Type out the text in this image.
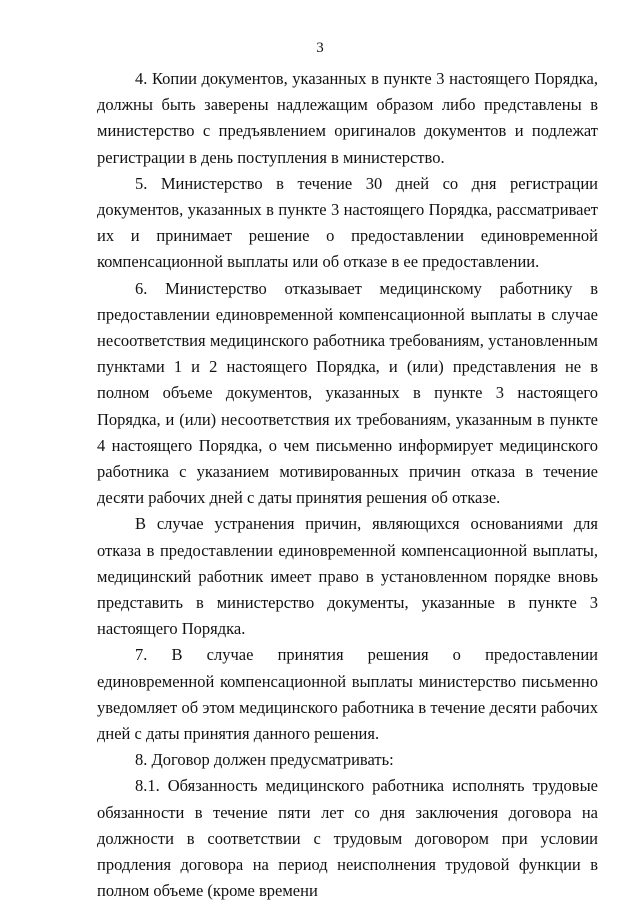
3

4. Копии документов, указанных в пункте 3 настоящего Порядка, должны быть заверены надлежащим образом либо представлены в министерство с предъявлением оригиналов документов и подлежат регистрации в день поступления в министерство.

5. Министерство в течение 30 дней со дня регистрации документов, указанных в пункте 3 настоящего Порядка, рассматривает их и принимает решение о предоставлении единовременной компенсационной выплаты или об отказе в ее предоставлении.

6. Министерство отказывает медицинскому работнику в предоставлении единовременной компенсационной выплаты в случае несоответствия медицинского работника требованиям, установленным пунктами 1 и 2 настоящего Порядка, и (или) представления не в полном объеме документов, указанных в пункте 3 настоящего Порядка, и (или) несоответствия их требованиям, указанным в пункте 4 настоящего Порядка, о чем письменно информирует медицинского работника с указанием мотивированных причин отказа в течение десяти рабочих дней с даты принятия решения об отказе.

В случае устранения причин, являющихся основаниями для отказа в предоставлении единовременной компенсационной выплаты, медицинский работник имеет право в установленном порядке вновь представить в министерство документы, указанные в пункте 3 настоящего Порядка.

7. В случае принятия решения о предоставлении единовременной компенсационной выплаты министерство письменно уведомляет об этом медицинского работника в течение десяти рабочих дней с даты принятия данного решения.

8. Договор должен предусматривать:

8.1. Обязанность медицинского работника исполнять трудовые обязанности в течение пяти лет со дня заключения договора на должности в соответствии с трудовым договором при условии продления договора на период неисполнения трудовой функции в полном объеме (кроме времени
